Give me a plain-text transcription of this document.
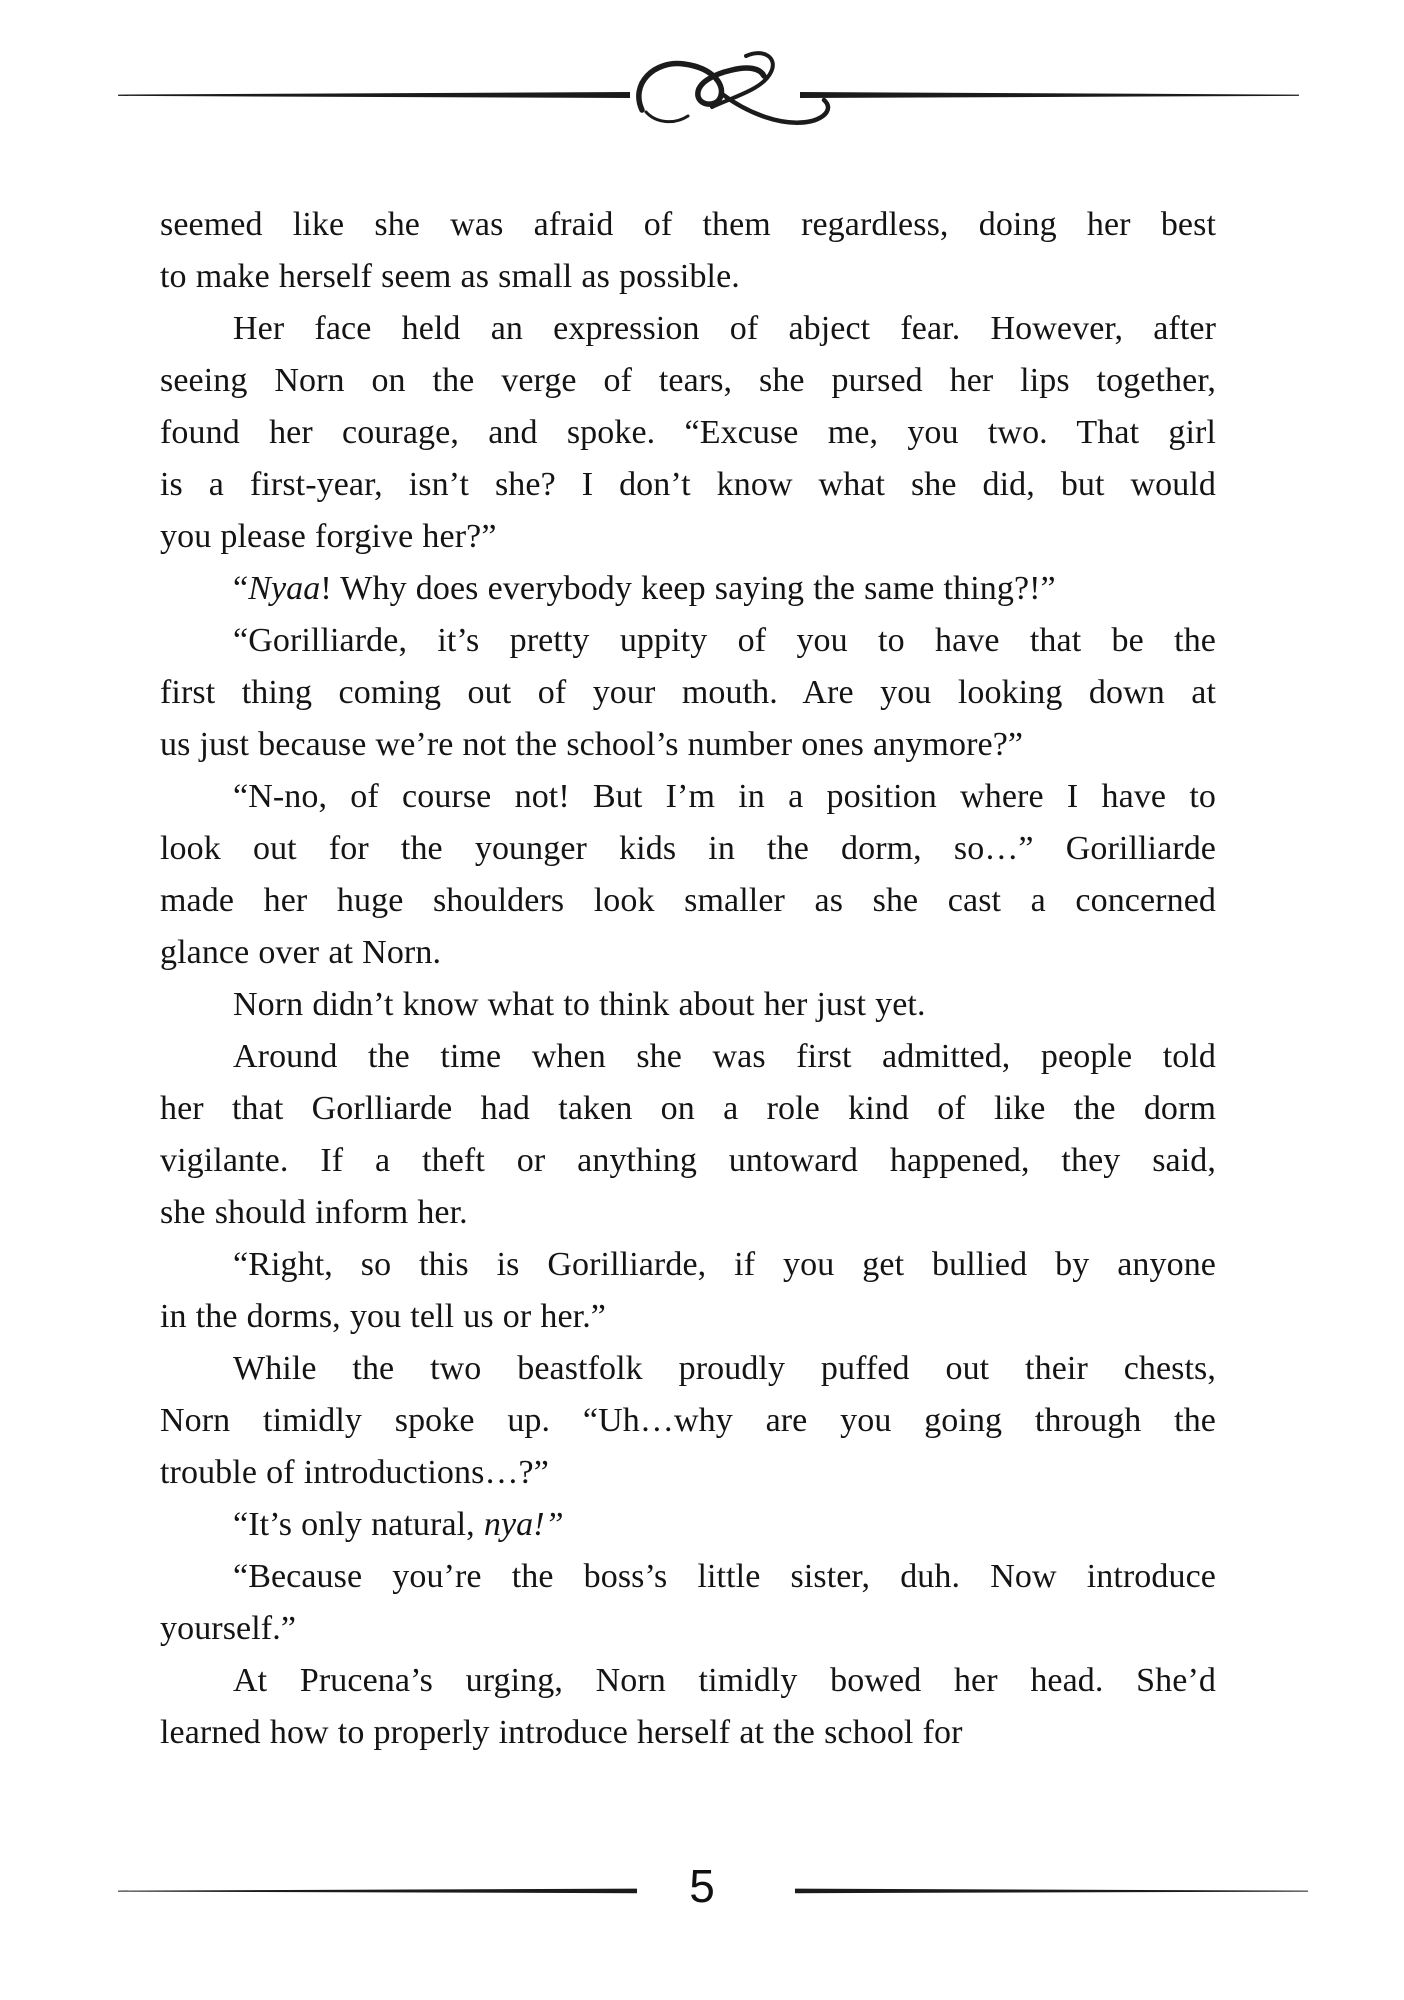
seemed like she was afraid of them regardless, doing her best
to make herself seem as small as possible.
Her face held an expression of abject fear. However, after
seeing Norn on the verge of tears, she pursed her lips together,
found her courage, and spoke. “Excuse me, you two. That girl
is a first-year, isn’t she? I don’t know what she did, but would
you please forgive her?”
“Nyaa! Why does everybody keep saying the same thing?!”
“Gorilliarde, it’s pretty uppity of you to have that be the
first thing coming out of your mouth. Are you looking down at
us just because we’re not the school’s number ones anymore?”
“N-no, of course not! But I’m in a position where I have to
look out for the younger kids in the dorm, so…” Gorilliarde
made her huge shoulders look smaller as she cast a concerned
glance over at Norn.
Norn didn’t know what to think about her just yet.
Around the time when she was first admitted, people told
her that Gorlliarde had taken on a role kind of like the dorm
vigilante. If a theft or anything untoward happened, they said,
she should inform her.
“Right, so this is Gorilliarde, if you get bullied by anyone
in the dorms, you tell us or her.”
While the two beastfolk proudly puffed out their chests,
Norn timidly spoke up. “Uh…why are you going through the
trouble of introductions…?”
“It’s only natural, nya!”
“Because you’re the boss’s little sister, duh. Now introduce
yourself.”
At Prucena’s urging, Norn timidly bowed her head. She’d
learned how to properly introduce herself at the school for
5
